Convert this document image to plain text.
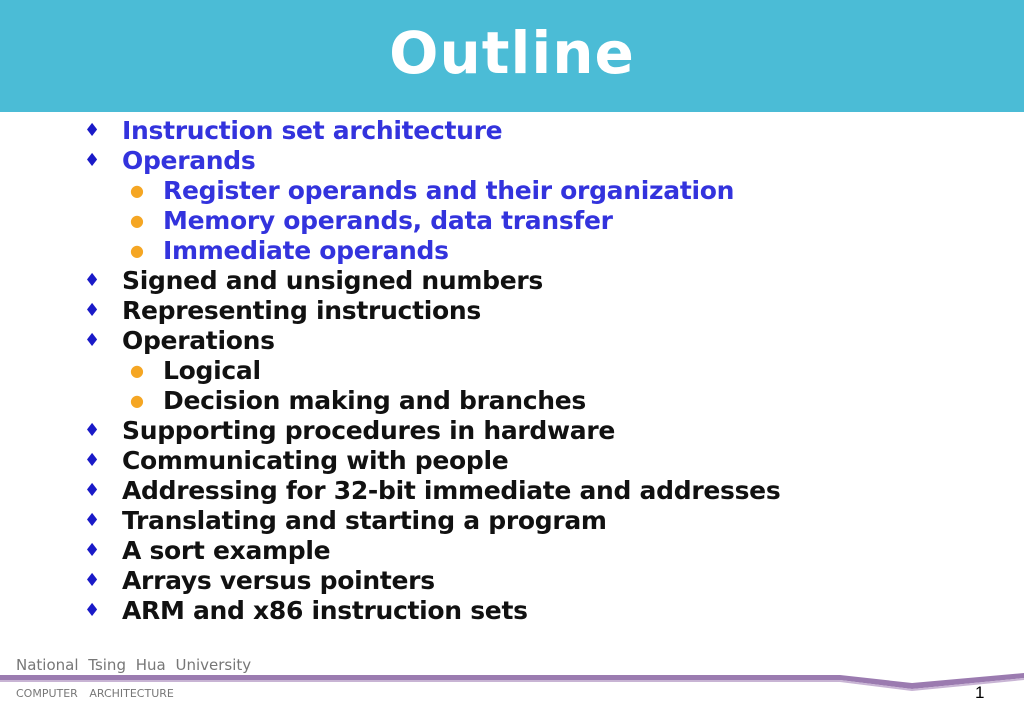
Outline
♦ Instruction set architecture
♦ Operands
● Register operands and their organization
● Memory operands, data transfer
● Immediate operands
♦ Signed and unsigned numbers
♦ Representing instructions
♦ Operations
● Logical
● Decision making and branches
♦ Supporting procedures in hardware
♦ Communicating with people
♦ Addressing for 32-bit immediate and addresses
♦ Translating and starting a program
♦ A sort example
♦ Arrays versus pointers
♦ ARM and x86 instruction sets
National Tsing Hua University
COMPUTER ARCHITECTURE	1
